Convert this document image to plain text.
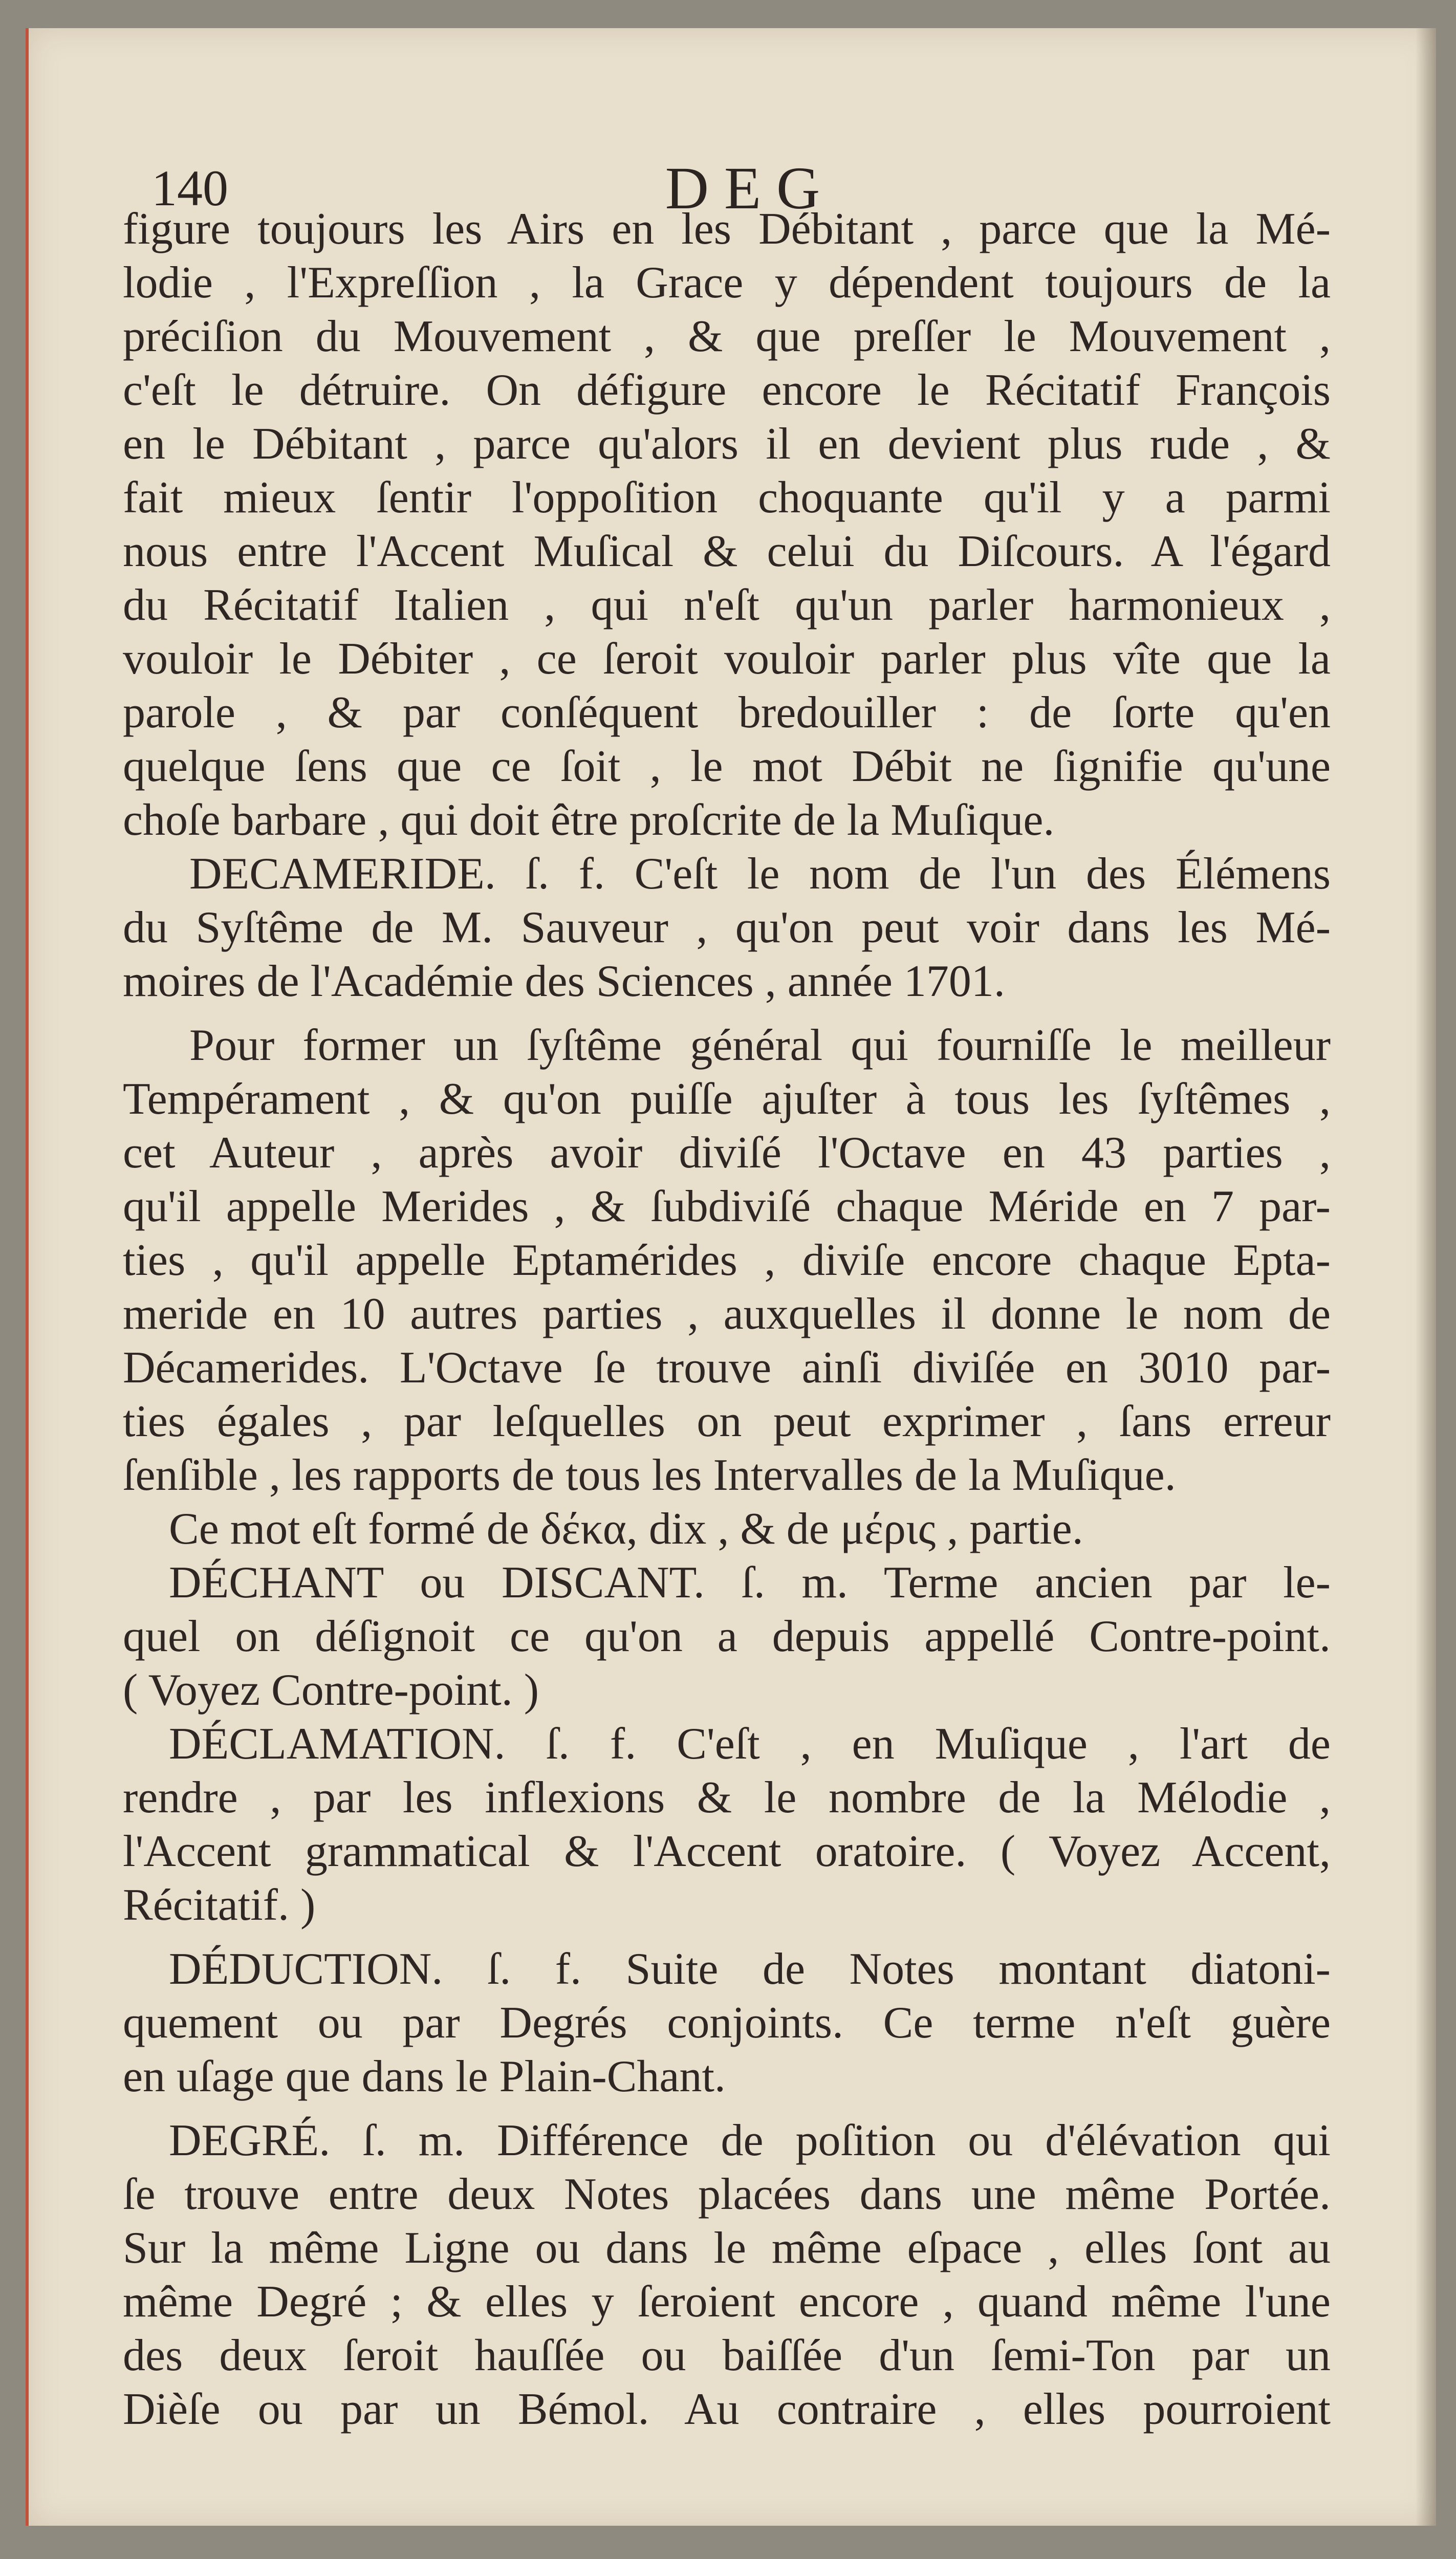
140	DEG
figure toujours les Airs en les Débitant , parce que la Mé-
lodie , l'Expreſſion , la Grace y dépendent toujours de la
préciſion du Mouvement , & que preſſer le Mouvement ,
c'eſt le détruire. On défigure encore le Récitatif François
en le Débitant , parce qu'alors il en devient plus rude , &
fait mieux ſentir l'oppoſition choquante qu'il y a parmi
nous entre l'Accent Muſical & celui du Diſcours. A l'égard
du Récitatif Italien , qui n'eſt qu'un parler harmonieux ,
vouloir le Débiter , ce ſeroit vouloir parler plus vîte que la
parole , & par conſéquent bredouiller : de ſorte qu'en
quelque ſens que ce ſoit , le mot Débit ne ſignifie qu'une
choſe barbare , qui doit être proſcrite de la Muſique.
DECAMERIDE. ſ. f. C'eſt le nom de l'un des Élémens
du Syſtême de M. Sauveur , qu'on peut voir dans les Mé-
moires de l'Académie des Sciences , année 1701.
Pour former un ſyſtême général qui fourniſſe le meilleur
Tempérament , & qu'on puiſſe ajuſter à tous les ſyſtêmes ,
cet Auteur , après avoir diviſé l'Octave en 43 parties ,
qu'il appelle Merides , & ſubdiviſé chaque Méride en 7 par-
ties , qu'il appelle Eptamérides , diviſe encore chaque Epta-
meride en 10 autres parties , auxquelles il donne le nom de
Décamerides. L'Octave ſe trouve ainſi diviſée en 3010 par-
ties égales , par leſquelles on peut exprimer , ſans erreur
ſenſible , les rapports de tous les Intervalles de la Muſique.
Ce mot eſt formé de δέκα, dix , & de μέρις , partie.
DÉCHANT ou DISCANT. ſ. m. Terme ancien par le-
quel on déſignoit ce qu'on a depuis appellé Contre-point.
( Voyez Contre-point. )
DÉCLAMATION. ſ. f. C'eſt , en Muſique , l'art de
rendre , par les inflexions & le nombre de la Mélodie ,
l'Accent grammatical & l'Accent oratoire. ( Voyez Accent,
Récitatif. )
DÉDUCTION. ſ. f. Suite de Notes montant diatoni-
quement ou par Degrés conjoints. Ce terme n'eſt guère
en uſage que dans le Plain-Chant.
DEGRÉ. ſ. m. Différence de poſition ou d'élévation qui
ſe trouve entre deux Notes placées dans une même Portée.
Sur la même Ligne ou dans le même eſpace , elles ſont au
même Degré ; & elles y ſeroient encore , quand même l'une
des deux ſeroit hauſſée ou baiſſée d'un ſemi-Ton par un
Dièſe ou par un Bémol. Au contraire , elles pourroient
